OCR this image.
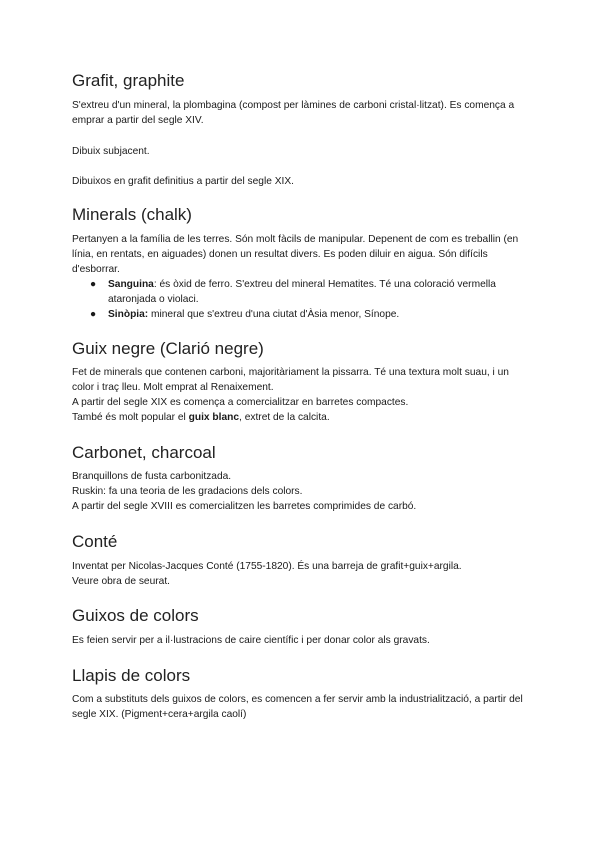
Grafit, graphite

S'extreu d'un mineral, la plombagina (compost per làmines de carboni cristal·litzat). Es comença a emprar a partir del segle XIV.

Dibuix subjacent.

Dibuixos en grafit definitius a partir del segle XIX.

Minerals (chalk)

Pertanyen a la família de les terres. Són molt fàcils de manipular. Depenent de com es treballin (en línia, en rentats, en aiguades) donen un resultat divers. Es poden diluir en aigua. Són difícils d'esborrar.

● Sanguina: és òxid de ferro. S'extreu del mineral Hematites. Té una coloració vermella ataronjada o violaci.
● Sinòpia: mineral que s'extreu d'una ciutat d'Àsia menor, Sínope.
Guix negre (Clarió negre)

Fet de minerals que contenen carboni, majoritàriament la pissarra. Té una textura molt suau, i un color i traç lleu. Molt emprat al Renaixement.

A partir del segle XIX es comença a comercialitzar en barretes compactes.

També és molt popular el guix blanc, extret de la calcita.

Carbonet, charcoal

Branquillons de fusta carbonitzada.

Ruskin: fa una teoria de les gradacions dels colors.

A partir del segle XVIII es comercialitzen les barretes comprimides de carbó.

Conté

Inventat per Nicolas-Jacques Conté (1755-1820). És una barreja de grafit+guix+argila.

Veure obra de seurat.

Guixos de colors

Es feien servir per a il·lustracions de caire científic i per donar color als gravats.

Llapis de colors

Com a substituts dels guixos de colors, es comencen a fer servir amb la industrialització, a partir del segle XIX. (Pigment+cera+argila caolí)
